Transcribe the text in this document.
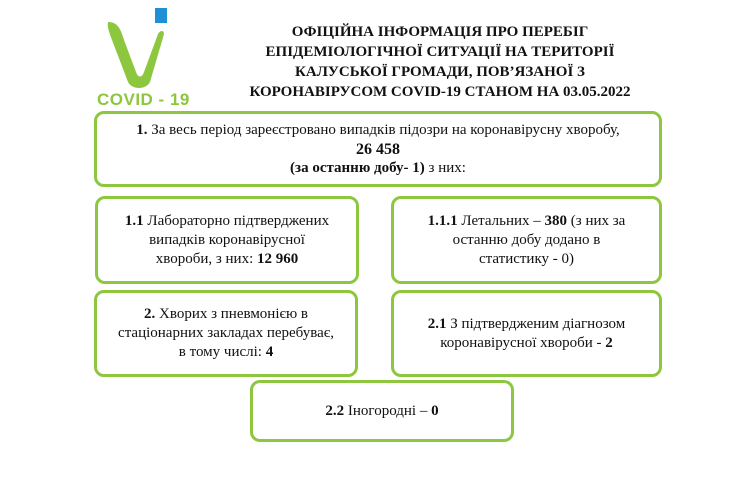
COVID - 19
ОФІЦІЙНА ІНФОРМАЦІЯ ПРО ПЕРЕБІГ
ЕПІДЕМІОЛОГІЧНОЇ СИТУАЦІЇ НА ТЕРИТОРІЇ
КАЛУСЬКОЇ ГРОМАДИ, ПОВ’ЯЗАНОЇ З
КОРОНАВІРУСОМ COVID-19 СТАНОМ НА 03.05.2022
1. За весь період зареєстровано випадків підозри на коронавірусну хворобу,
26 458
(за останню добу- 1) з них:
1.1 Лабораторно підтверджених
випадків коронавірусної
хвороби, з них: 12 960
1.1.1 Летальних – 380 (з них за
останню добу додано в
статистику - 0)
2. Хворих з пневмонією в
стаціонарних закладах перебуває,
в тому числі: 4
2.1 З підтвердженим діагнозом
коронавірусної хвороби - 2
2.2 Іногородні – 0
